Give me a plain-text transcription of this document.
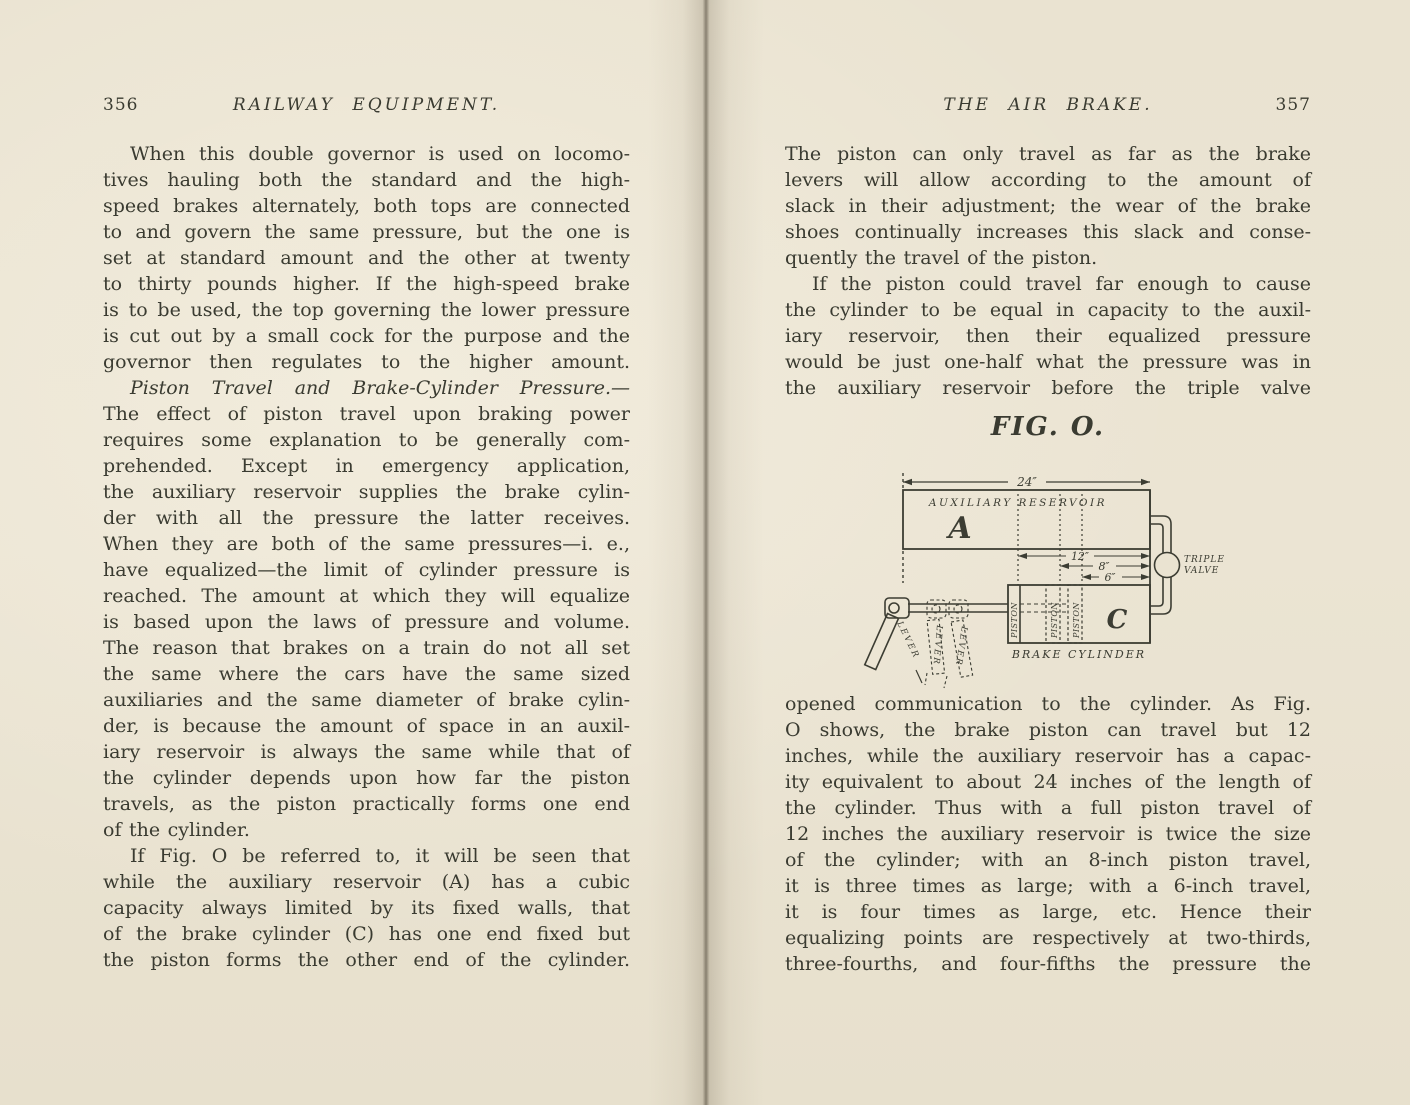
356	RAILWAY EQUIPMENT.
When this double governor is used on locomo-
tives hauling both the standard and the high-
speed brakes alternately, both tops are connected
to and govern the same pressure, but the one is
set at standard amount and the other at twenty
to thirty pounds higher. If the high-speed brake
is to be used, the top governing the lower pressure
is cut out by a small cock for the purpose and the
governor then regulates to the higher amount.
Piston Travel and Brake-Cylinder Pressure.—
The effect of piston travel upon braking power
requires some explanation to be generally com-
prehended. Except in emergency application,
the auxiliary reservoir supplies the brake cylin-
der with all the pressure the latter receives.
When they are both of the same pressures—i. e.,
have equalized—the limit of cylinder pressure is
reached. The amount at which they will equalize
is based upon the laws of pressure and volume.
The reason that brakes on a train do not all set
the same where the cars have the same sized
auxiliaries and the same diameter of brake cylin-
der, is because the amount of space in an auxil-
iary reservoir is always the same while that of
the cylinder depends upon how far the piston
travels, as the piston practically forms one end
of the cylinder.
If Fig. O be referred to, it will be seen that
while the auxiliary reservoir (A) has a cubic
capacity always limited by its fixed walls, that
of the brake cylinder (C) has one end fixed but
the piston forms the other end of the cylinder.
THE AIR BRAKE.	357
The piston can only travel as far as the brake
levers will allow according to the amount of
slack in their adjustment; the wear of the brake
shoes continually increases this slack and conse-
quently the travel of the piston.
If the piston could travel far enough to cause
the cylinder to be equal in capacity to the auxil-
iary reservoir, then their equalized pressure
would be just one-half what the pressure was in
the auxiliary reservoir before the triple valve
FIG. O.
24″
AUXILIARY RESERVOIR
A
12″
8″
6″
TRIPLE
VALVE
PISTON	PISTON PISTON C
BRAKE CYLINDER
LEVER LEVER LEVER
opened communication to the cylinder. As Fig.
O shows, the brake piston can travel but 12
inches, while the auxiliary reservoir has a capac-
ity equivalent to about 24 inches of the length of
the cylinder. Thus with a full piston travel of
12 inches the auxiliary reservoir is twice the size
of the cylinder; with an 8-inch piston travel,
it is three times as large; with a 6-inch travel,
it is four times as large, etc. Hence their
equalizing points are respectively at two-thirds,
three-fourths, and four-fifths the pressure the
